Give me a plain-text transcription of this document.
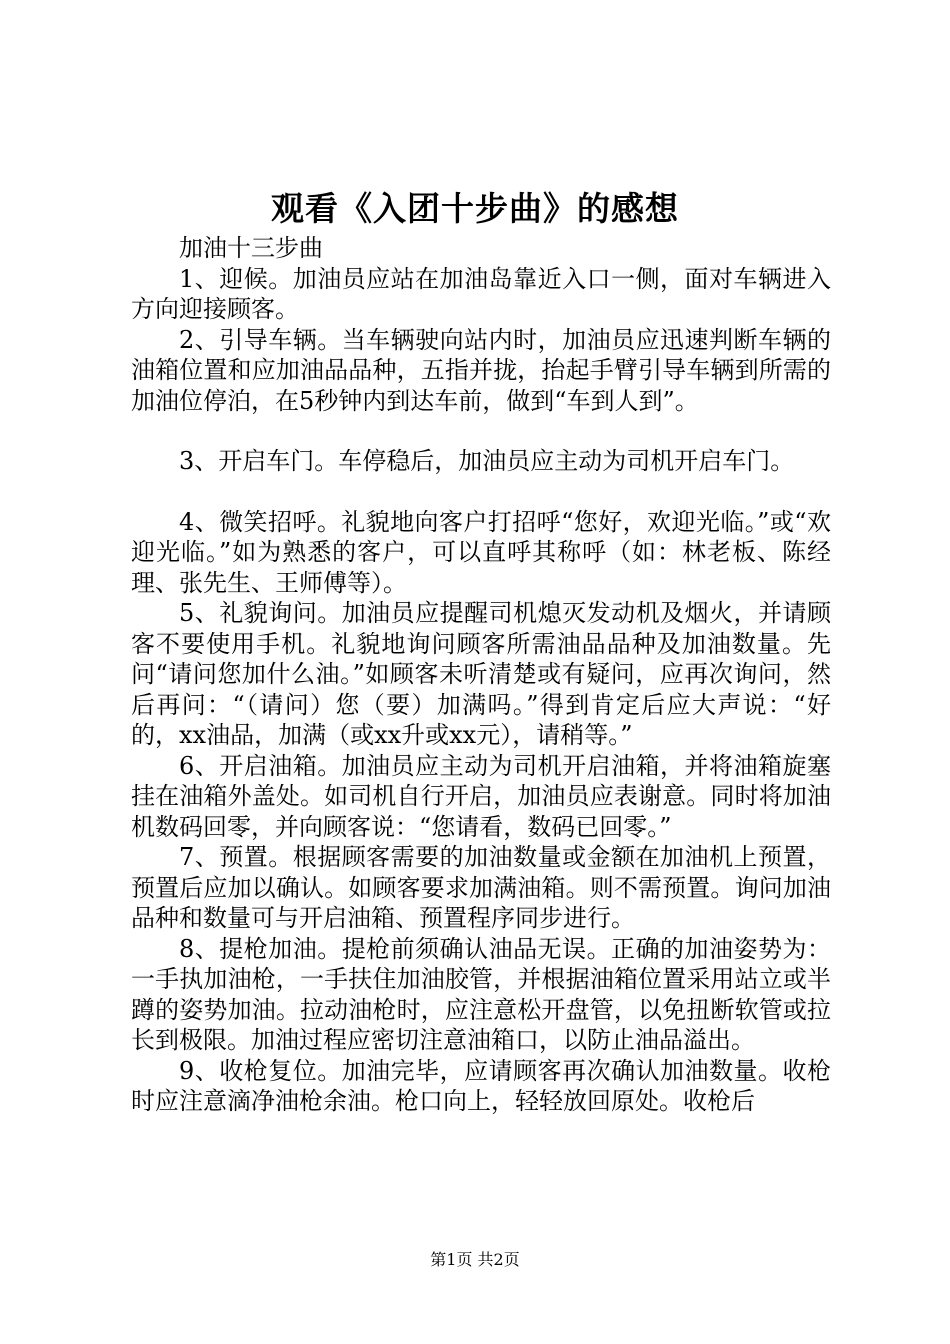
观看《入团十步曲》的感想

加油十三步曲

1、迎候。加油员应站在加油岛靠近入口一侧，面对车辆进入方向迎接顾客。

2、引导车辆。当车辆驶向站内时，加油员应迅速判断车辆的油箱位置和应加油品品种，五指并拢，抬起手臂引导车辆到所需的加油位停泊，在5秒钟内到达车前，做到“车到人到”。

3、开启车门。车停稳后，加油员应主动为司机开启车门。

4、微笑招呼。礼貌地向客户打招呼“您好，欢迎光临。”或“欢迎光临。”如为熟悉的客户，可以直呼其称呼（如：林老板、陈经理、张先生、王师傅等）。

5、礼貌询问。加油员应提醒司机熄灭发动机及烟火，并请顾客不要使用手机。礼貌地询问顾客所需油品品种及加油数量。先问“请问您加什么油。”如顾客未听清楚或有疑问，应再次询问，然后再问：“（请问）您（要）加满吗。”得到肯定后应大声说：“好的，xx油品，加满（或xx升或xx元），请稍等。”

6、开启油箱。加油员应主动为司机开启油箱，并将油箱旋塞挂在油箱外盖处。如司机自行开启，加油员应表谢意。同时将加油机数码回零，并向顾客说：“您请看，数码已回零。”

7、预置。根据顾客需要的加油数量或金额在加油机上预置，预置后应加以确认。如顾客要求加满油箱。则不需预置。询问加油品种和数量可与开启油箱、预置程序同步进行。

8、提枪加油。提枪前须确认油品无误。正确的加油姿势为：一手执加油枪，一手扶住加油胶管，并根据油箱位置采用站立或半蹲的姿势加油。拉动油枪时，应注意松开盘管，以免扭断软管或拉长到极限。加油过程应密切注意油箱口，以防止油品溢出。

9、收枪复位。加油完毕，应请顾客再次确认加油数量。收枪时应注意滴净油枪余油。枪口向上，轻轻放回原处。收枪后

第1页 共2页
